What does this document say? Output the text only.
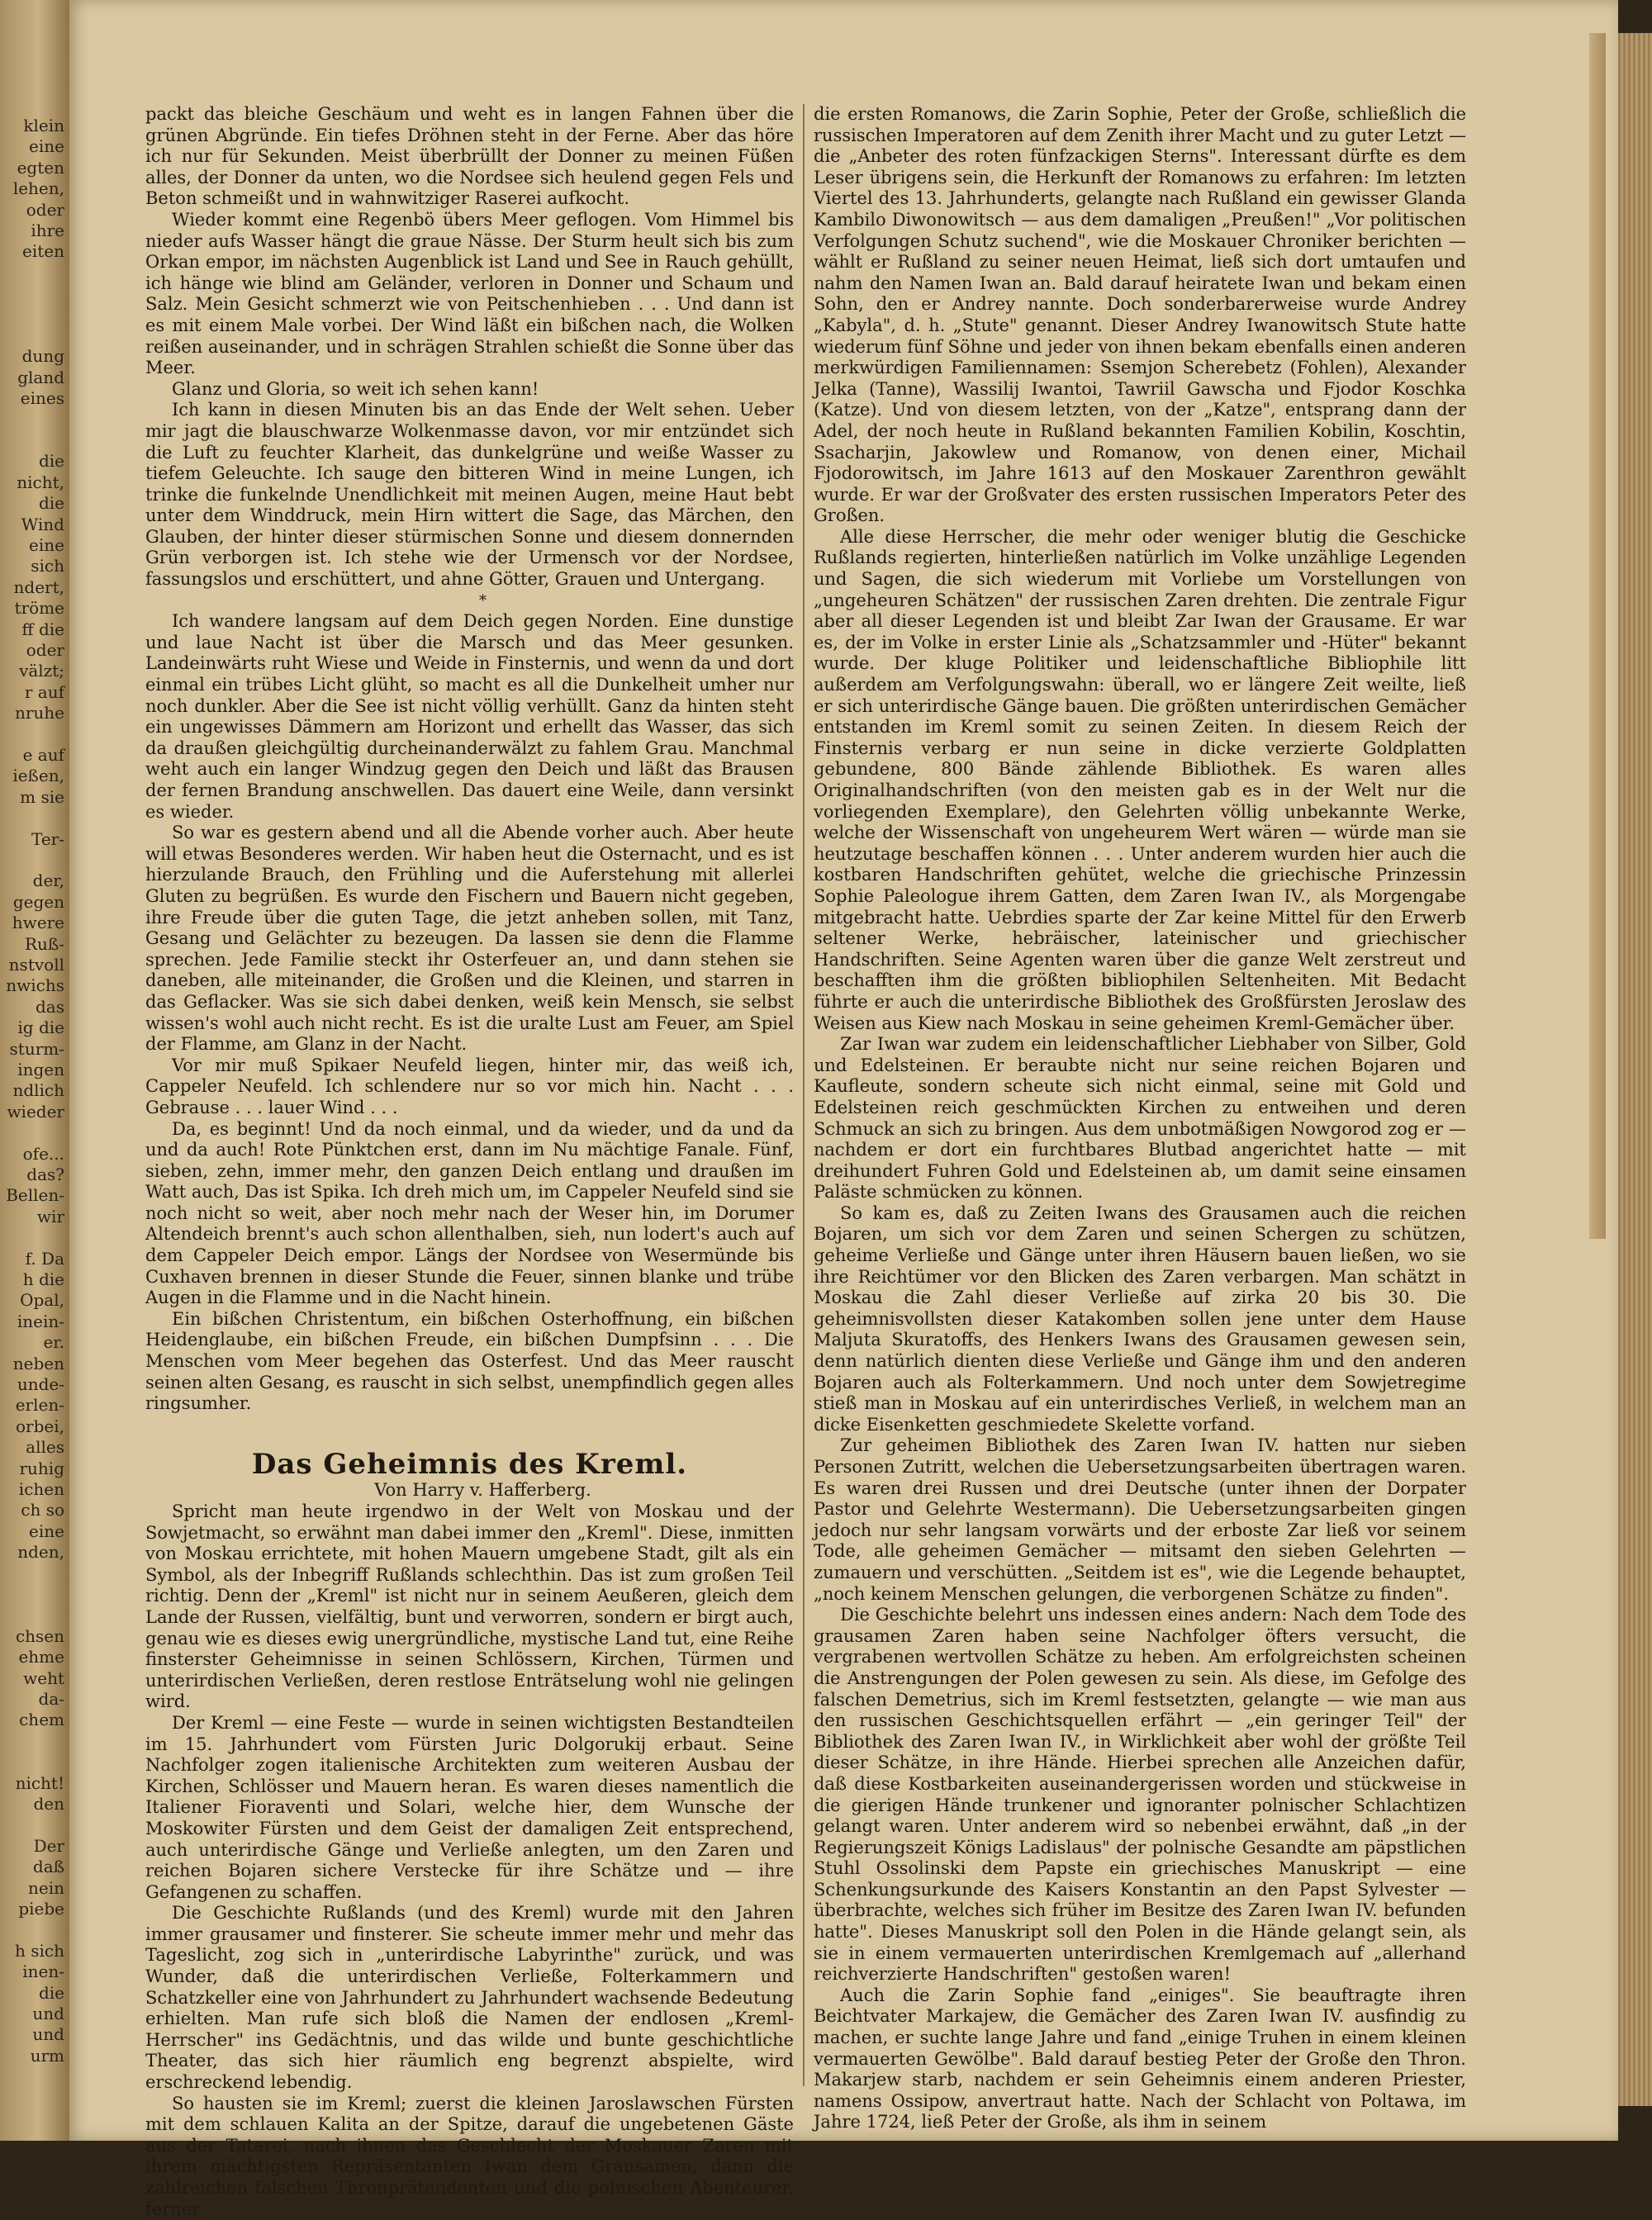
klein
eine
egten
lehen,
oder
ihre
eiten
dung
gland
eines
die
nicht,
die
Wind
eine
sich
ndert,
tröme
ff die
oder
välzt;
r auf
nruhe
e auf
ießen,
m sie
Ter-
der,
gegen
hwere
Ruß-
nstvoll
nwichs
das
ig die
sturm-
ingen
ndlich
wieder
ofe...
das?
Bellen-
wir
f. Da
h die
Opal,
inein-
er.
neben
unde-
erlen-
orbei,
alles
ruhig
ichen
ch so
eine
nden,
chsen
ehme
weht
da-
chem
nicht!
den
Der
daß
nein
piebe
h sich
inen-
die
und
und
urm

packt das bleiche Geschäum und weht es in langen Fahnen über die grünen Abgründe. Ein tiefes Dröhnen steht in der Ferne. Aber das höre ich nur für Sekunden. Meist überbrüllt der Donner zu meinen Füßen alles, der Donner da unten, wo die Nordsee sich heulend gegen Fels und Beton schmeißt und in wahnwitziger Raserei aufkocht.

Wieder kommt eine Regenbö übers Meer geflogen. Vom Himmel bis nieder aufs Wasser hängt die graue Nässe. Der Sturm heult sich bis zum Orkan empor, im nächsten Augenblick ist Land und See in Rauch gehüllt, ich hänge wie blind am Geländer, verloren in Donner und Schaum und Salz. Mein Gesicht schmerzt wie von Peitschenhieben . . . Und dann ist es mit einem Male vorbei. Der Wind läßt ein bißchen nach, die Wolken reißen auseinander, und in schrägen Strahlen schießt die Sonne über das Meer.

Glanz und Gloria, so weit ich sehen kann!

Ich kann in diesen Minuten bis an das Ende der Welt sehen. Ueber mir jagt die blauschwarze Wolkenmasse davon, vor mir entzündet sich die Luft zu feuchter Klarheit, das dunkelgrüne und weiße Wasser zu tiefem Geleuchte. Ich sauge den bitteren Wind in meine Lungen, ich trinke die funkelnde Unendlichkeit mit meinen Augen, meine Haut bebt unter dem Winddruck, mein Hirn wittert die Sage, das Märchen, den Glauben, der hinter dieser stürmischen Sonne und diesem donnernden Grün verborgen ist. Ich stehe wie der Urmensch vor der Nordsee, fassungslos und erschüttert, und ahne Götter, Grauen und Untergang.

*

Ich wandere langsam auf dem Deich gegen Norden. Eine dunstige und laue Nacht ist über die Marsch und das Meer gesunken. Landeinwärts ruht Wiese und Weide in Finsternis, und wenn da und dort einmal ein trübes Licht glüht, so macht es all die Dunkelheit umher nur noch dunkler. Aber die See ist nicht völlig verhüllt. Ganz da hinten steht ein ungewisses Dämmern am Horizont und erhellt das Wasser, das sich da draußen gleichgültig durcheinanderwälzt zu fahlem Grau. Manchmal weht auch ein langer Windzug gegen den Deich und läßt das Brausen der fernen Brandung anschwellen. Das dauert eine Weile, dann versinkt es wieder.

So war es gestern abend und all die Abende vorher auch. Aber heute will etwas Besonderes werden. Wir haben heut die Osternacht, und es ist hierzulande Brauch, den Frühling und die Auferstehung mit allerlei Gluten zu begrüßen. Es wurde den Fischern und Bauern nicht gegeben, ihre Freude über die guten Tage, die jetzt anheben sollen, mit Tanz, Gesang und Gelächter zu bezeugen. Da lassen sie denn die Flamme sprechen. Jede Familie steckt ihr Osterfeuer an, und dann stehen sie daneben, alle miteinander, die Großen und die Kleinen, und starren in das Geflacker. Was sie sich dabei denken, weiß kein Mensch, sie selbst wissen's wohl auch nicht recht. Es ist die uralte Lust am Feuer, am Spiel der Flamme, am Glanz in der Nacht.

Vor mir muß Spikaer Neufeld liegen, hinter mir, das weiß ich, Cappeler Neufeld. Ich schlendere nur so vor mich hin. Nacht . . . Gebrause . . . lauer Wind . . .

Da, es beginnt! Und da noch einmal, und da wieder, und da und da und da auch! Rote Pünktchen erst, dann im Nu mächtige Fanale. Fünf, sieben, zehn, immer mehr, den ganzen Deich entlang und draußen im Watt auch, Das ist Spika. Ich dreh mich um, im Cappeler Neufeld sind sie noch nicht so weit, aber noch mehr nach der Weser hin, im Dorumer Altendeich brennt's auch schon allenthalben, sieh, nun lodert's auch auf dem Cappeler Deich empor. Längs der Nordsee von Wesermünde bis Cuxhaven brennen in dieser Stunde die Feuer, sinnen blanke und trübe Augen in die Flamme und in die Nacht hinein.

Ein bißchen Christentum, ein bißchen Osterhoffnung, ein bißchen Heidenglaube, ein bißchen Freude, ein bißchen Dumpfsinn . . . Die Menschen vom Meer begehen das Osterfest. Und das Meer rauscht seinen alten Gesang, es rauscht in sich selbst, unempfindlich gegen alles ringsumher.

Das Geheimnis des Kreml.

Von Harry v. Hafferberg.

Spricht man heute irgendwo in der Welt von Moskau und der Sowjetmacht, so erwähnt man dabei immer den „Kreml". Diese, inmitten von Moskau errichtete, mit hohen Mauern umgebene Stadt, gilt als ein Symbol, als der Inbegriff Rußlands schlechthin. Das ist zum großen Teil richtig. Denn der „Kreml" ist nicht nur in seinem Aeußeren, gleich dem Lande der Russen, vielfältig, bunt und verworren, sondern er birgt auch, genau wie es dieses ewig unergründliche, mystische Land tut, eine Reihe finsterster Geheimnisse in seinen Schlössern, Kirchen, Türmen und unterirdischen Verließen, deren restlose Enträtselung wohl nie gelingen wird.

Der Kreml — eine Feste — wurde in seinen wichtigsten Bestandteilen im 15. Jahrhundert vom Fürsten Juric Dolgorukij erbaut. Seine Nachfolger zogen italienische Architekten zum weiteren Ausbau der Kirchen, Schlösser und Mauern heran. Es waren dieses namentlich die Italiener Fioraventi und Solari, welche hier, dem Wunsche der Moskowiter Fürsten und dem Geist der damaligen Zeit entsprechend, auch unterirdische Gänge und Verließe anlegten, um den Zaren und reichen Bojaren sichere Verstecke für ihre Schätze und — ihre Gefangenen zu schaffen.

Die Geschichte Rußlands (und des Kreml) wurde mit den Jahren immer grausamer und finsterer. Sie scheute immer mehr und mehr das Tageslicht, zog sich in „unterirdische Labyrinthe" zurück, und was Wunder, daß die unterirdischen Verließe, Folterkammern und Schatzkeller eine von Jahrhundert zu Jahrhundert wachsende Bedeutung erhielten. Man rufe sich bloß die Namen der endlosen „Kreml-Herrscher" ins Gedächtnis, und das wilde und bunte geschichtliche Theater, das sich hier räumlich eng begrenzt abspielte, wird erschreckend lebendig.

So hausten sie im Kreml; zuerst die kleinen Jaroslawschen Fürsten mit dem schlauen Kalita an der Spitze, darauf die ungebetenen Gäste aus der Tatarei, nach ihnen das Geschlecht der Moskauer Zaren mit ihrem mächtigsten Repräsentanten Iwan dem Grausamen, dann die zahlreichen falschen Thronprätendenten und die polnischen Abenteurer, ferner

die ersten Romanows, die Zarin Sophie, Peter der Große, schließlich die russischen Imperatoren auf dem Zenith ihrer Macht und zu guter Letzt — die „Anbeter des roten fünfzackigen Sterns". Interessant dürfte es dem Leser übrigens sein, die Herkunft der Romanows zu erfahren: Im letzten Viertel des 13. Jahrhunderts, gelangte nach Rußland ein gewisser Glanda Kambilo Diwonowitsch — aus dem damaligen „Preußen!" „Vor politischen Verfolgungen Schutz suchend", wie die Moskauer Chroniker berichten — wählt er Rußland zu seiner neuen Heimat, ließ sich dort umtaufen und nahm den Namen Iwan an. Bald darauf heiratete Iwan und bekam einen Sohn, den er Andrey nannte. Doch sonderbarerweise wurde Andrey „Kabyla", d. h. „Stute" genannt. Dieser Andrey Iwanowitsch Stute hatte wiederum fünf Söhne und jeder von ihnen bekam ebenfalls einen anderen merkwürdigen Familiennamen: Ssemjon Scherebetz (Fohlen), Alexander Jelka (Tanne), Wassilij Iwantoi, Tawriil Gawscha und Fjodor Koschka (Katze). Und von diesem letzten, von der „Katze", entsprang dann der Adel, der noch heute in Rußland bekannten Familien Kobilin, Koschtin, Ssacharjin, Jakowlew und Romanow, von denen einer, Michail Fjodorowitsch, im Jahre 1613 auf den Moskauer Zarenthron gewählt wurde. Er war der Großvater des ersten russischen Imperators Peter des Großen.

Alle diese Herrscher, die mehr oder weniger blutig die Geschicke Rußlands regierten, hinterließen natürlich im Volke unzählige Legenden und Sagen, die sich wiederum mit Vorliebe um Vorstellungen von „ungeheuren Schätzen" der russischen Zaren drehten. Die zentrale Figur aber all dieser Legenden ist und bleibt Zar Iwan der Grausame. Er war es, der im Volke in erster Linie als „Schatzsammler und -Hüter" bekannt wurde. Der kluge Politiker und leidenschaftliche Bibliophile litt außerdem am Verfolgungswahn: überall, wo er längere Zeit weilte, ließ er sich unterirdische Gänge bauen. Die größten unterirdischen Gemächer entstanden im Kreml somit zu seinen Zeiten. In diesem Reich der Finsternis verbarg er nun seine in dicke verzierte Goldplatten gebundene, 800 Bände zählende Bibliothek. Es waren alles Originalhandschriften (von den meisten gab es in der Welt nur die vorliegenden Exemplare), den Gelehrten völlig unbekannte Werke, welche der Wissenschaft von ungeheurem Wert wären — würde man sie heutzutage beschaffen können . . . Unter anderem wurden hier auch die kostbaren Handschriften gehütet, welche die griechische Prinzessin Sophie Paleologue ihrem Gatten, dem Zaren Iwan IV., als Morgengabe mitgebracht hatte. Uebrdies sparte der Zar keine Mittel für den Erwerb seltener Werke, hebräischer, lateinischer und griechischer Handschriften. Seine Agenten waren über die ganze Welt zerstreut und beschafften ihm die größten bibliophilen Seltenheiten. Mit Bedacht führte er auch die unterirdische Bibliothek des Großfürsten Jeroslaw des Weisen aus Kiew nach Moskau in seine geheimen Kreml-Gemächer über.

Zar Iwan war zudem ein leidenschaftlicher Liebhaber von Silber, Gold und Edelsteinen. Er beraubte nicht nur seine reichen Bojaren und Kaufleute, sondern scheute sich nicht einmal, seine mit Gold und Edelsteinen reich geschmückten Kirchen zu entweihen und deren Schmuck an sich zu bringen. Aus dem unbotmäßigen Nowgorod zog er — nachdem er dort ein furchtbares Blutbad angerichtet hatte — mit dreihundert Fuhren Gold und Edelsteinen ab, um damit seine einsamen Paläste schmücken zu können.

So kam es, daß zu Zeiten Iwans des Grausamen auch die reichen Bojaren, um sich vor dem Zaren und seinen Schergen zu schützen, geheime Verließe und Gänge unter ihren Häusern bauen ließen, wo sie ihre Reichtümer vor den Blicken des Zaren verbargen. Man schätzt in Moskau die Zahl dieser Verließe auf zirka 20 bis 30. Die geheimnisvollsten dieser Katakomben sollen jene unter dem Hause Maljuta Skuratoffs, des Henkers Iwans des Grausamen gewesen sein, denn natürlich dienten diese Verließe und Gänge ihm und den anderen Bojaren auch als Folterkammern. Und noch unter dem Sowjetregime stieß man in Moskau auf ein unterirdisches Verließ, in welchem man an dicke Eisenketten geschmiedete Skelette vorfand.

Zur geheimen Bibliothek des Zaren Iwan IV. hatten nur sieben Personen Zutritt, welchen die Uebersetzungsarbeiten übertragen waren. Es waren drei Russen und drei Deutsche (unter ihnen der Dorpater Pastor und Gelehrte Westermann). Die Uebersetzungsarbeiten gingen jedoch nur sehr langsam vorwärts und der erboste Zar ließ vor seinem Tode, alle geheimen Gemächer — mitsamt den sieben Gelehrten — zumauern und verschütten. „Seitdem ist es", wie die Legende behauptet, „noch keinem Menschen gelungen, die verborgenen Schätze zu finden".

Die Geschichte belehrt uns indessen eines andern: Nach dem Tode des grausamen Zaren haben seine Nachfolger öfters versucht, die vergrabenen wertvollen Schätze zu heben. Am erfolgreichsten scheinen die Anstrengungen der Polen gewesen zu sein. Als diese, im Gefolge des falschen Demetrius, sich im Kreml festsetzten, gelangte — wie man aus den russischen Geschichtsquellen erfährt — „ein geringer Teil" der Bibliothek des Zaren Iwan IV., in Wirklichkeit aber wohl der größte Teil dieser Schätze, in ihre Hände. Hierbei sprechen alle Anzeichen dafür, daß diese Kostbarkeiten auseinandergerissen worden und stückweise in die gierigen Hände trunkener und ignoranter polnischer Schlachtizen gelangt waren. Unter anderem wird so nebenbei erwähnt, daß „in der Regierungszeit Königs Ladislaus" der polnische Gesandte am päpstlichen Stuhl Ossolinski dem Papste ein griechisches Manuskript — eine Schenkungsurkunde des Kaisers Konstantin an den Papst Sylvester — überbrachte, welches sich früher im Besitze des Zaren Iwan IV. befunden hatte". Dieses Manuskript soll den Polen in die Hände gelangt sein, als sie in einem vermauerten unterirdischen Kremlgemach auf „allerhand reichverzierte Handschriften" gestoßen waren!

Auch die Zarin Sophie fand „einiges". Sie beauftragte ihren Beichtvater Markajew, die Gemächer des Zaren Iwan IV. ausfindig zu machen, er suchte lange Jahre und fand „einige Truhen in einem kleinen vermauerten Gewölbe". Bald darauf bestieg Peter der Große den Thron. Makarjew starb, nachdem er sein Geheimnis einem anderen Priester, namens Ossipow, anvertraut hatte. Nach der Schlacht von Poltawa, im Jahre 1724, ließ Peter der Große, als ihm in seinem
